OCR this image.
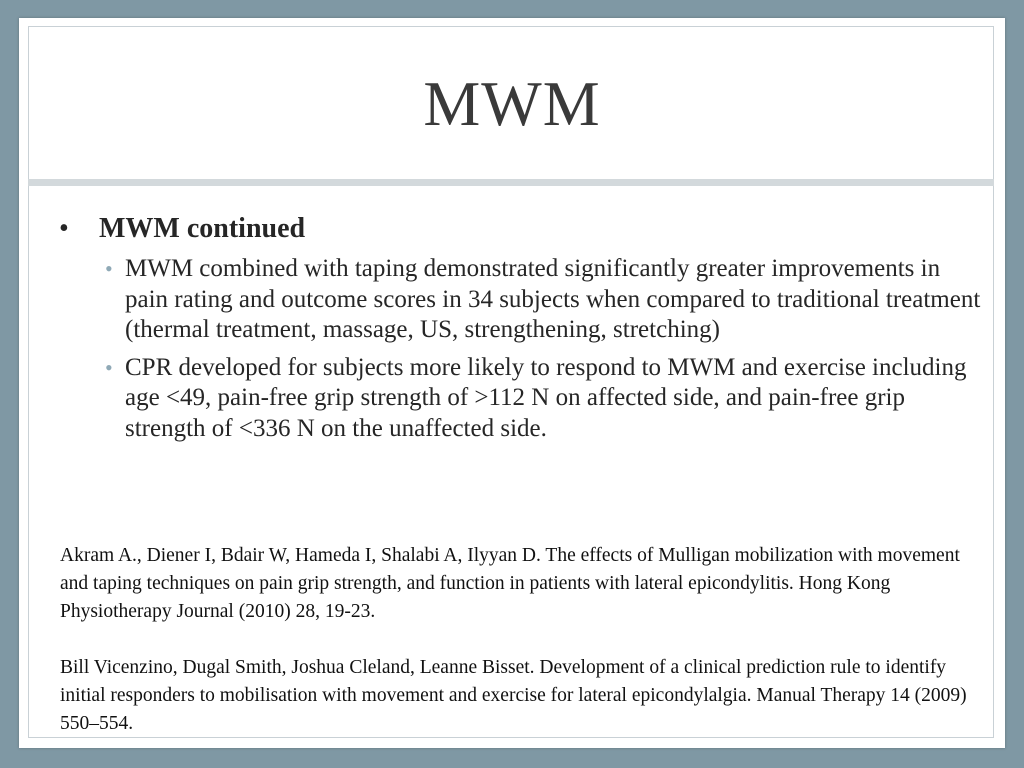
MWM
• MWM continued
• MWM combined with taping demonstrated significantly greater improvements in pain rating and outcome scores in 34 subjects when compared to traditional treatment (thermal treatment, massage, US, strengthening, stretching)
• CPR developed for subjects more likely to respond to MWM and exercise including age <49, pain-free grip strength of >112 N on affected side, and pain-free grip strength of <336 N on the unaffected side.

Akram A., Diener I, Bdair W, Hameda I, Shalabi A, Ilyyan D. The effects of Mulligan mobilization with movement and taping techniques on pain grip strength, and function in patients with lateral epicondylitis. Hong Kong Physiotherapy Journal (2010) 28, 19-23.

Bill Vicenzino, Dugal Smith, Joshua Cleland, Leanne Bisset. Development of a clinical prediction rule to identify initial responders to mobilisation with movement and exercise for lateral epicondylalgia. Manual Therapy 14 (2009) 550–554.
